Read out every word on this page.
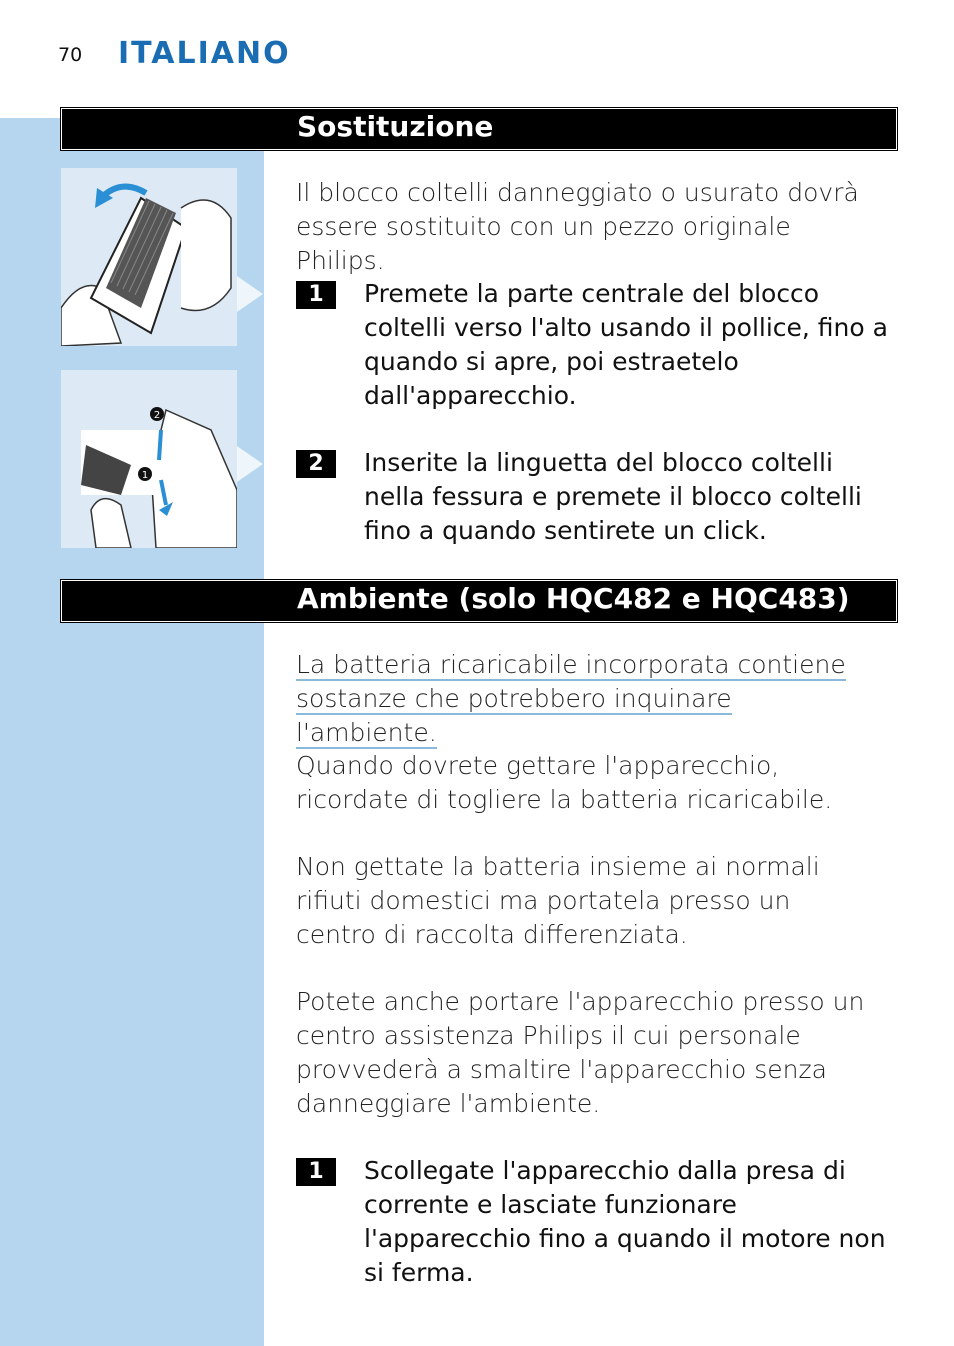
70 ITALIANO
Sostituzione
2
1

Il blocco coltelli danneggiato o usurato dovrà essere sostituito con un pezzo originale Philips.

1	Premete la parte centrale del blocco coltelli verso l'alto usando il pollice, fino a quando si apre, poi estraetelo dall'apparecchio.

2	Inserite la linguetta del blocco coltelli nella fessura e premete il blocco coltelli fino a quando sentirete un click.

Ambiente (solo HQC482 e HQC483)

La batteria ricaricabile incorporata contiene sostanze che potrebbero inquinare l'ambiente.

Quando dovrete gettare l'apparecchio, ricordate di togliere la batteria ricaricabile.

Non gettate la batteria insieme ai normali rifiuti domestici ma portatela presso un centro di raccolta differenziata.

Potete anche portare l'apparecchio presso un centro assistenza Philips il cui personale provvederà a smaltire l'apparecchio senza danneggiare l'ambiente.

1	Scollegate l'apparecchio dalla presa di corrente e lasciate funzionare l'apparecchio fino a quando il motore non si ferma.
